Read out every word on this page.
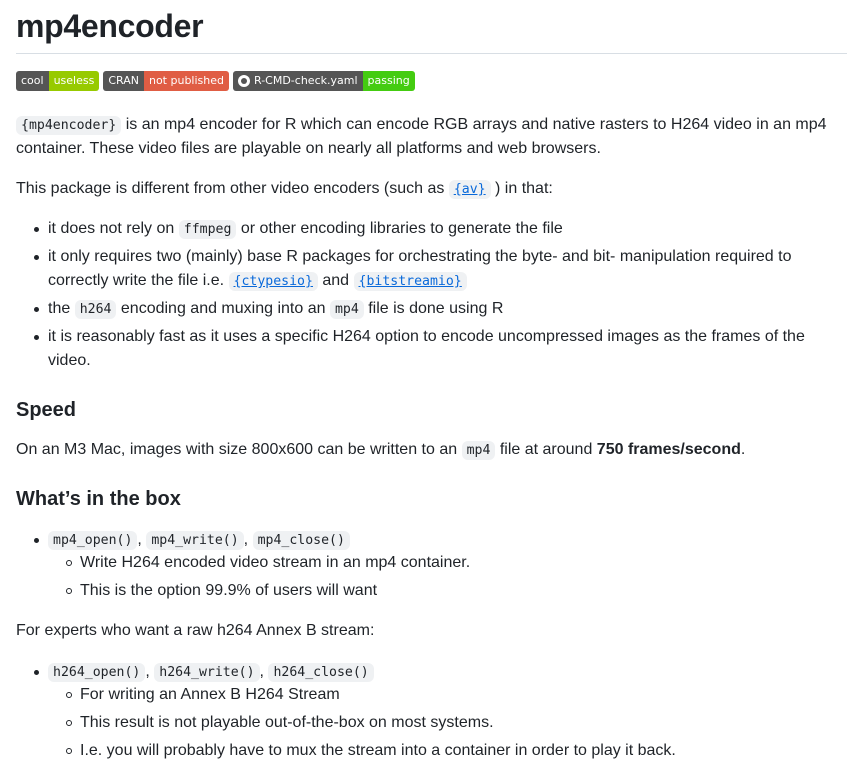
mp4encoder
cool useless	CRAN not published	R-CMD-check.yaml passing
{mp4encoder} is an mp4 encoder for R which can encode RGB arrays and native rasters to H264 video in an mp4
container. These video files are playable on nearly all platforms and web browsers.
This package is different from other video encoders (such as {av} ) in that:
it does not rely on ffmpeg or other encoding libraries to generate the file
it only requires two (mainly) base R packages for orchestrating the byte- and bit- manipulation required to
correctly write the file i.e. {ctypesio} and {bitstreamio}
the h264 encoding and muxing into an mp4 file is done using R
it is reasonably fast as it uses a specific H264 option to encode uncompressed images as the frames of the
video.
Speed
On an M3 Mac, images with size 800x600 can be written to an mp4 file at around 750 frames/second.
What’s in the box
mp4_open() , mp4_write() , mp4_close()
Write H264 encoded video stream in an mp4 container.
This is the option 99.9% of users will want
For experts who want a raw h264 Annex B stream:
h264_open() , h264_write() , h264_close()
For writing an Annex B H264 Stream
This result is not playable out-of-the-box on most systems.
I.e. you will probably have to mux the stream into a container in order to play it back.
